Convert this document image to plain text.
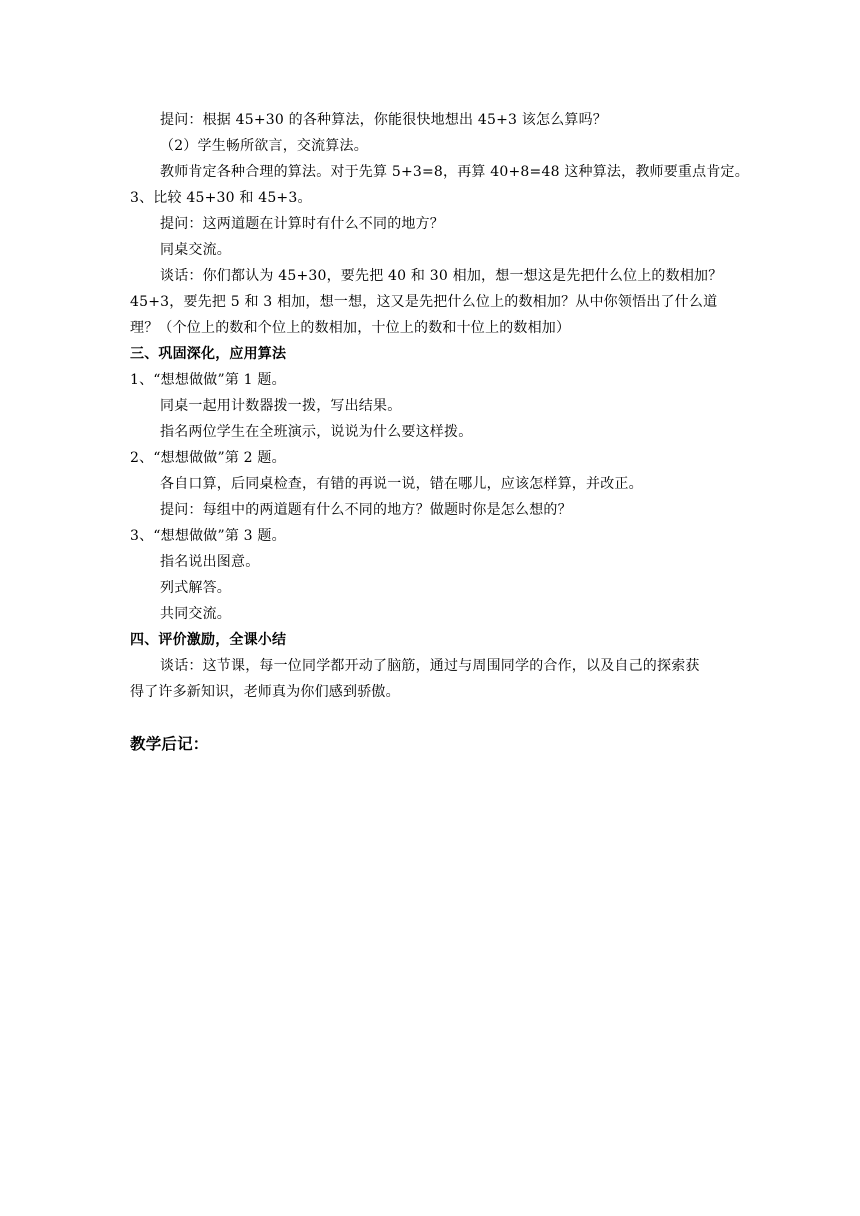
提问：根据 45+30 的各种算法，你能很快地想出 45+3 该怎么算吗？
（2）学生畅所欲言，交流算法。
教师肯定各种合理的算法。对于先算 5+3=8，再算 40+8=48 这种算法，教师要重点肯定。
3、比较 45+30 和 45+3。
提问：这两道题在计算时有什么不同的地方？
同桌交流。
谈话：你们都认为 45+30，要先把 40 和 30 相加，想一想这是先把什么位上的数相加？
45+3，要先把 5 和 3 相加，想一想，这又是先把什么位上的数相加？从中你领悟出了什么道
理？（个位上的数和个位上的数相加，十位上的数和十位上的数相加）
三、巩固深化，应用算法
1、“想想做做”第 1 题。
同桌一起用计数器拨一拨，写出结果。
指名两位学生在全班演示，说说为什么要这样拨。
2、“想想做做”第 2 题。
各自口算，后同桌检查，有错的再说一说，错在哪儿，应该怎样算，并改正。
提问：每组中的两道题有什么不同的地方？做题时你是怎么想的？
3、“想想做做”第 3 题。
指名说出图意。
列式解答。
共同交流。
四、评价激励，全课小结
谈话：这节课，每一位同学都开动了脑筋，通过与周围同学的合作，以及自己的探索获
得了许多新知识，老师真为你们感到骄傲。
教学后记：
